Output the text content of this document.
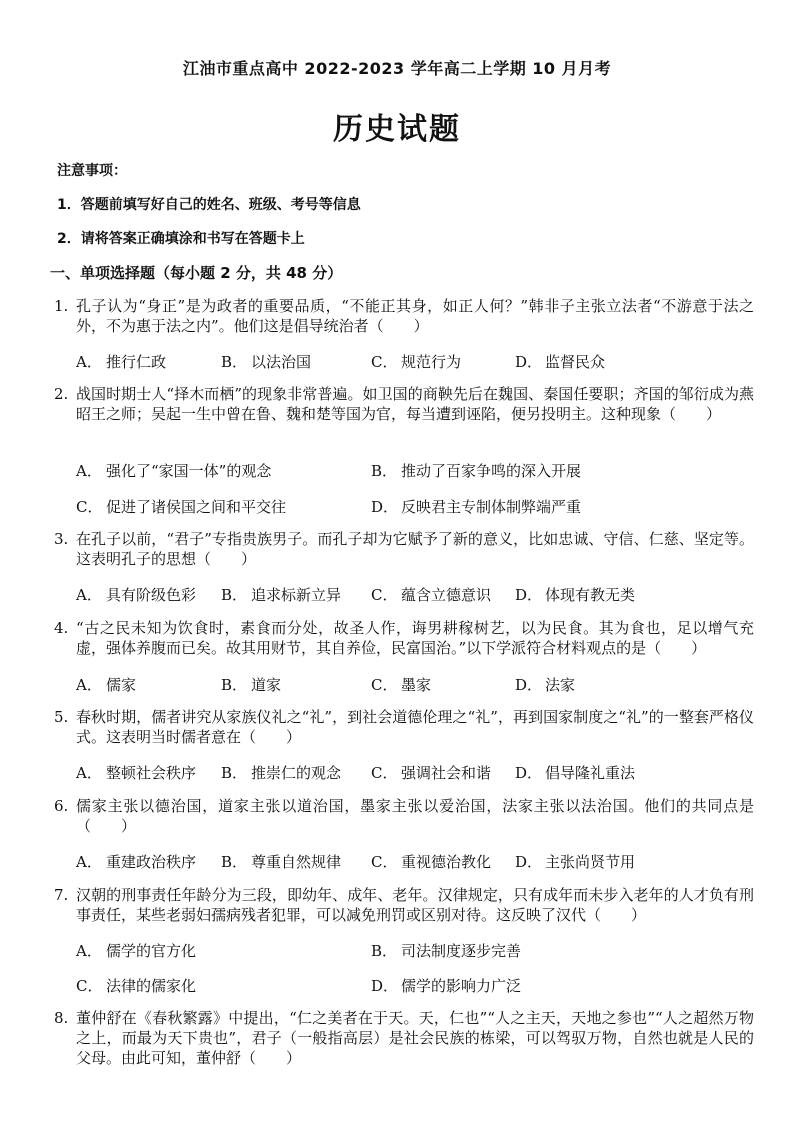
江油市重点高中 2022-2023 学年高二上学期 10 月月考
历史试题
注意事项：
1．答题前填写好自己的姓名、班级、考号等信息
2．请将答案正确填涂和书写在答题卡上
一、单项选择题（每小题 2 分，共 48 分）
1. 孔子认为“身正”是为政者的重要品质，“不能正其身，如正人何？”韩非子主张立法者“不游意于法之外，不为惠于法之内”。他们这是倡导统治者（　　）
A． 推行仁政	B． 以法治国	C． 规范行为	D． 监督民众
2. 战国时期士人“择木而栖”的现象非常普遍。如卫国的商鞅先后在魏国、秦国任要职；齐国的邹衍成为燕昭王之师；吴起一生中曾在鲁、魏和楚等国为官，每当遭到诬陷，便另投明主。这种现象（　　）
A． 强化了“家国一体”的观念	B． 推动了百家争鸣的深入开展
C． 促进了诸侯国之间和平交往	D． 反映君主专制体制弊端严重
3. 在孔子以前，“君子”专指贵族男子。而孔子却为它赋予了新的意义，比如忠诚、守信、仁慈、坚定等。这表明孔子的思想（　　）
A． 具有阶级色彩 B． 追求标新立异 C． 蕴含立德意识 D． 体现有教无类
4. “古之民未知为饮食时，素食而分处，故圣人作，诲男耕稼树艺，以为民食。其为食也，足以增气充虚，强体养腹而已矣。故其用财节，其自养俭，民富国治。”以下学派符合材料观点的是（　　）
A． 儒家	B． 道家	C． 墨家	D． 法家
5. 春秋时期，儒者讲究从家族仪礼之“礼”，到社会道德伦理之“礼”，再到国家制度之“礼”的一整套严格仪式。这表明当时儒者意在（　　）
A． 整顿社会秩序 B． 推崇仁的观念 C． 强调社会和谐 D． 倡导隆礼重法
6. 儒家主张以德治国，道家主张以道治国，墨家主张以爱治国，法家主张以法治国。他们的共同点是（　　）
A． 重建政治秩序 B． 尊重自然规律 C． 重视德治教化 D． 主张尚贤节用
7. 汉朝的刑事责任年龄分为三段，即幼年、成年、老年。汉律规定，只有成年而未步入老年的人才负有刑事责任，某些老弱妇孺病残者犯罪，可以减免刑罚或区别对待。这反映了汉代（　　）
A． 儒学的官方化	B． 司法制度逐步完善
C． 法律的儒家化	D． 儒学的影响力广泛
8. 董仲舒在《春秋繁露》中提出，“仁之美者在于天。天，仁也”“人之主天，天地之参也”“人之超然万物之上，而最为天下贵也”，君子（一般指高层）是社会民族的栋梁，可以驾驭万物，自然也就是人民的父母。由此可知，董仲舒（　　）
